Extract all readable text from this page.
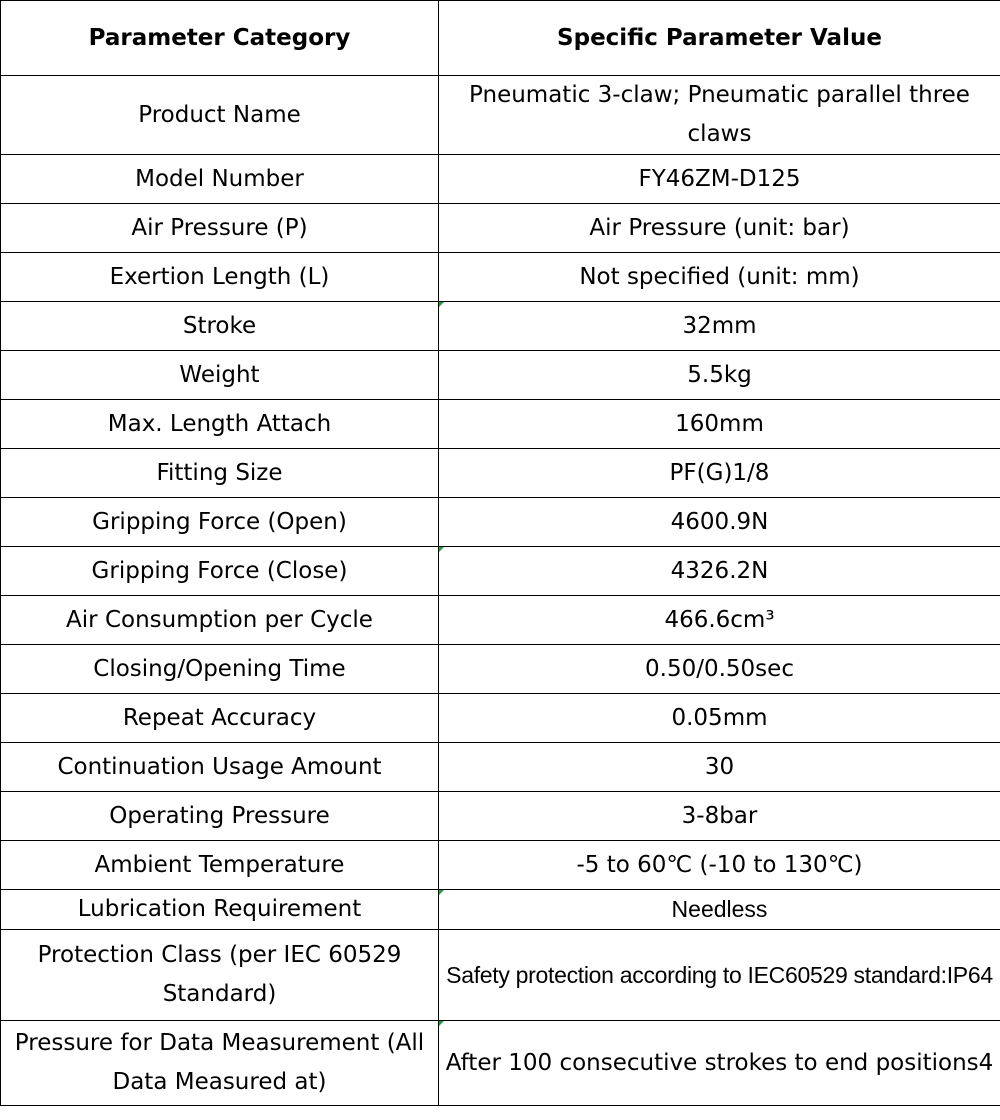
Parameter Category	Specific Parameter Value
Product Name	Pneumatic 3-claw; Pneumatic parallel three claws
Model Number	FY46ZM-D125
Air Pressure (P)	Air Pressure (unit: bar)
Exertion Length (L)	Not specified (unit: mm)
Stroke	32mm
Weight	5.5kg
Max. Length Attach	160mm
Fitting Size	PF(G)1/8
Gripping Force (Open)	4600.9N
Gripping Force (Close)	4326.2N
Air Consumption per Cycle	466.6cm³
Closing/Opening Time	0.50/0.50sec
Repeat Accuracy	0.05mm
Continuation Usage Amount	30
Operating Pressure	3-8bar
Ambient Temperature	-5 to 60℃ (-10 to 130℃)
Lubrication Requirement	Needless
Protection Class (per IEC 60529 Standard)	Safety protection according to IEC60529 standard:IP64
Pressure for Data Measurement (All Data Measured at)	After 100 consecutive strokes to end positions4
